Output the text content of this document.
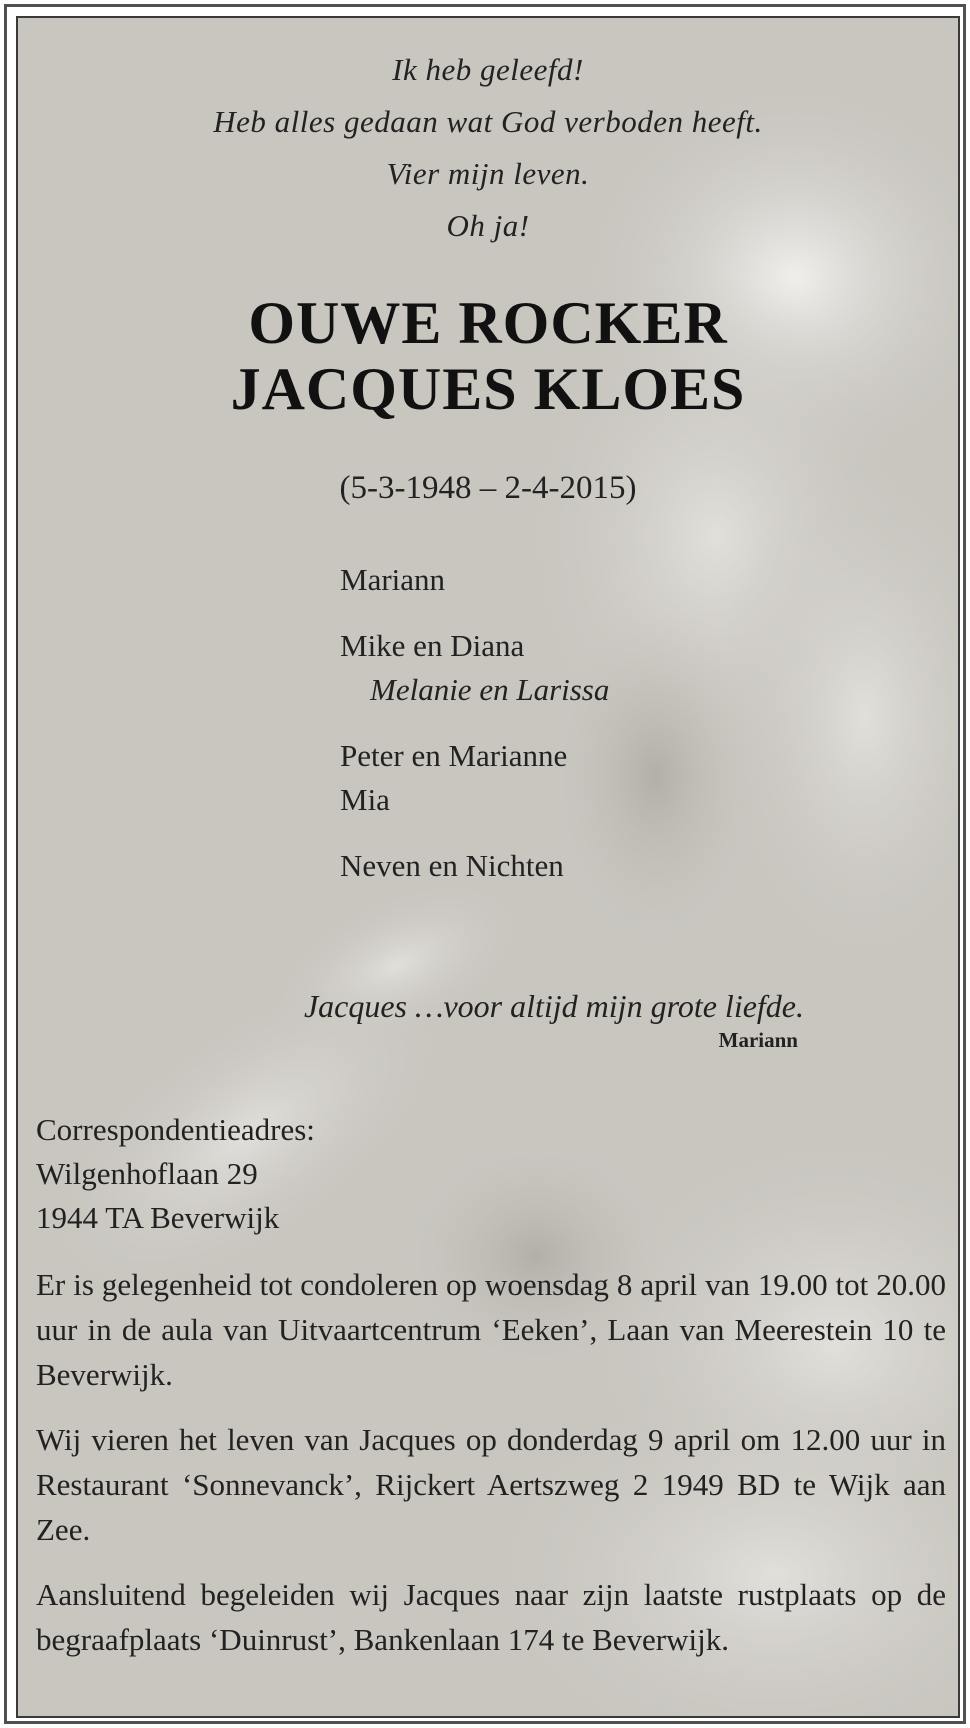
Ik heb geleefd!
Heb alles gedaan wat God verboden heeft.
Vier mijn leven.
Oh ja!
OUWE ROCKER
JACQUES KLOES
(5-3-1948 – 2-4-2015)
Mariann
Mike en Diana
Melanie en Larissa
Peter en Marianne
Mia
Neven en Nichten
Jacques …voor altijd mijn grote liefde.
Mariann
Correspondentieadres:
Wilgenhoflaan 29
1944 TA Beverwijk
Er is gelegenheid tot condoleren op woensdag 8 april van 19.00 tot 20.00 uur in de aula van Uitvaartcentrum ‘Eeken’, Laan van Meerestein 10 te Beverwijk.
Wij vieren het leven van Jacques op donderdag 9 april om 12.00 uur in Restaurant ‘Sonnevanck’, Rijckert Aertszweg 2 1949 BD te Wijk aan Zee.
Aansluitend begeleiden wij Jacques naar zijn laatste rustplaats op de begraafplaats ‘Duinrust’, Bankenlaan 174 te Beverwijk.
